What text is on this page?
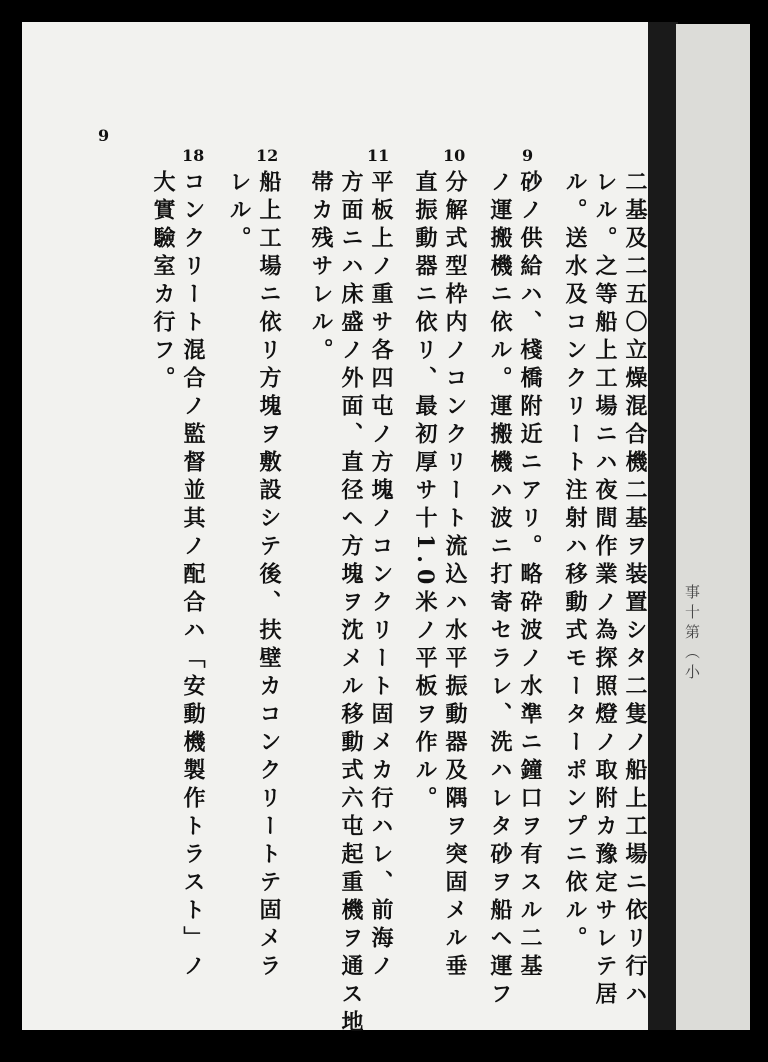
事十第（小
9
二基及二五〇立燥混合機二基ヲ装置シタ二隻ノ船上工場ニ依リ行ハ
レル。之等船上工場ニハ夜間作業ノ為探照燈ノ取附カ豫定サレテ居
ル。送水及コンクリート注射ハ移動式モーターポンプニ依ル。
9
砂ノ供給ハ、棧橋附近ニアリ。略砕波ノ水準ニ鐘口ヲ有スル二基
ノ運搬機ニ依ル。運搬機ハ波ニ打寄セラレ、洗ハレタ砂ヲ船ヘ運フ
10
分解式型枠内ノコンクリート流込ハ水平振動器及隅ヲ突固メル垂
直振動器ニ依リ、最初厚サ十1.0米ノ平板ヲ作ル。
11
平板上ノ重サ各四屯ノ方塊ノコンクリート固メカ行ハレ、前海ノ
方面ニハ床盛ノ外面、直径ヘ方塊ヲ沈メル移動式六屯起重機ヲ通ス地
帯カ残サレル。
12
船上工場ニ依リ方塊ヲ敷設シテ後、扶壁カコンクリートテ固メラ
レル。
18
コンクリート混合ノ監督並其ノ配合ハ「安動機製作トラスト」ノ
大實驗室カ行フ。
